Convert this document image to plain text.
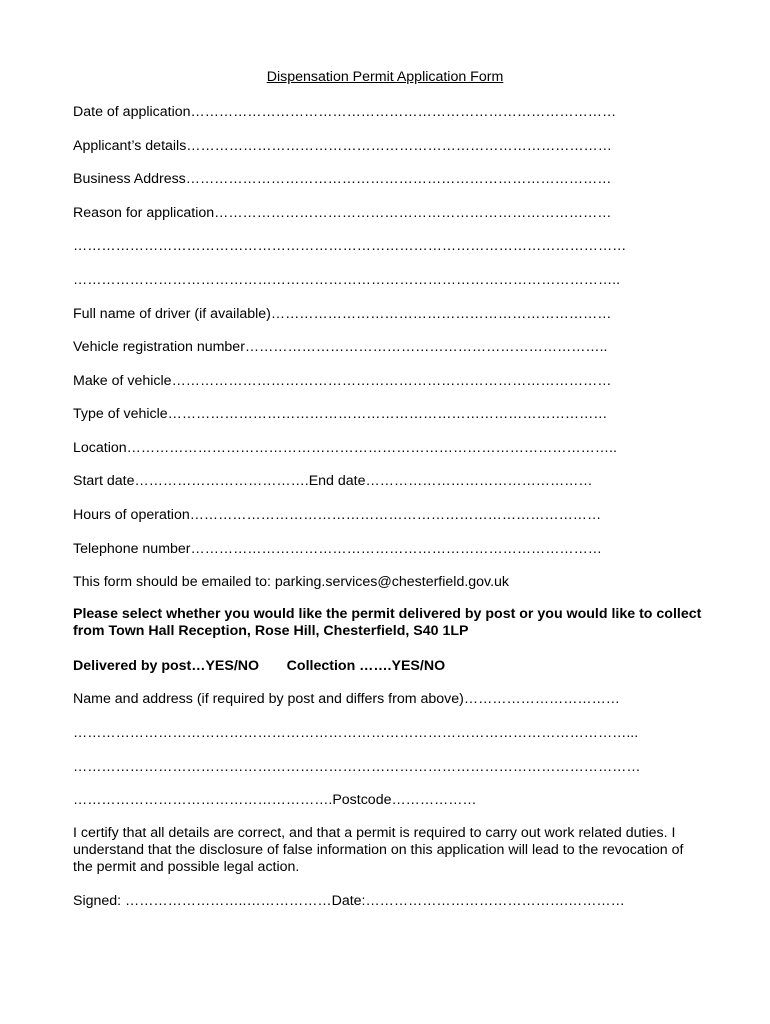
Dispensation Permit Application Form
Date of application………………………………………………………………………………
Applicant’s details………………………………………………………………………………
Business Address………………………………………………………………………………
Reason for application…………………………………………………………………………
………………………………………………………………………………………………………
……………………………………………………………………………………………………..
Full name of driver (if available)………………………………………………………………
Vehicle registration number…………………………………………………………………..
Make of vehicle…………………………………………………………………………………
Type of vehicle…………………………………………………………………………………
Location…………………………………………………………………………………………..
Start date……………………………….End date…………………………………………
Hours of operation……………………………………………………………………………
Telephone number……………………………………………………………………………
This form should be emailed to: parking.services@chesterfield.gov.uk
Please select whether you would like the permit delivered by post or you would like to collect from Town Hall Reception, Rose Hill, Chesterfield, S40 1LP
Delivered by post…YES/NO       Collection …….YES/NO
Name and address (if required by post and differs from above)……………………………
………………………………………………………………………………………………………...
…………………………………………………………………………………………………………
……………………………………………….Postcode………………
I certify that all details are correct, and that a permit is required to carry out work related duties. I understand that the disclosure of false information on this application will lead to the revocation of the permit and possible legal action.
Signed: ……………………..………………Date:…………………………………….…………
